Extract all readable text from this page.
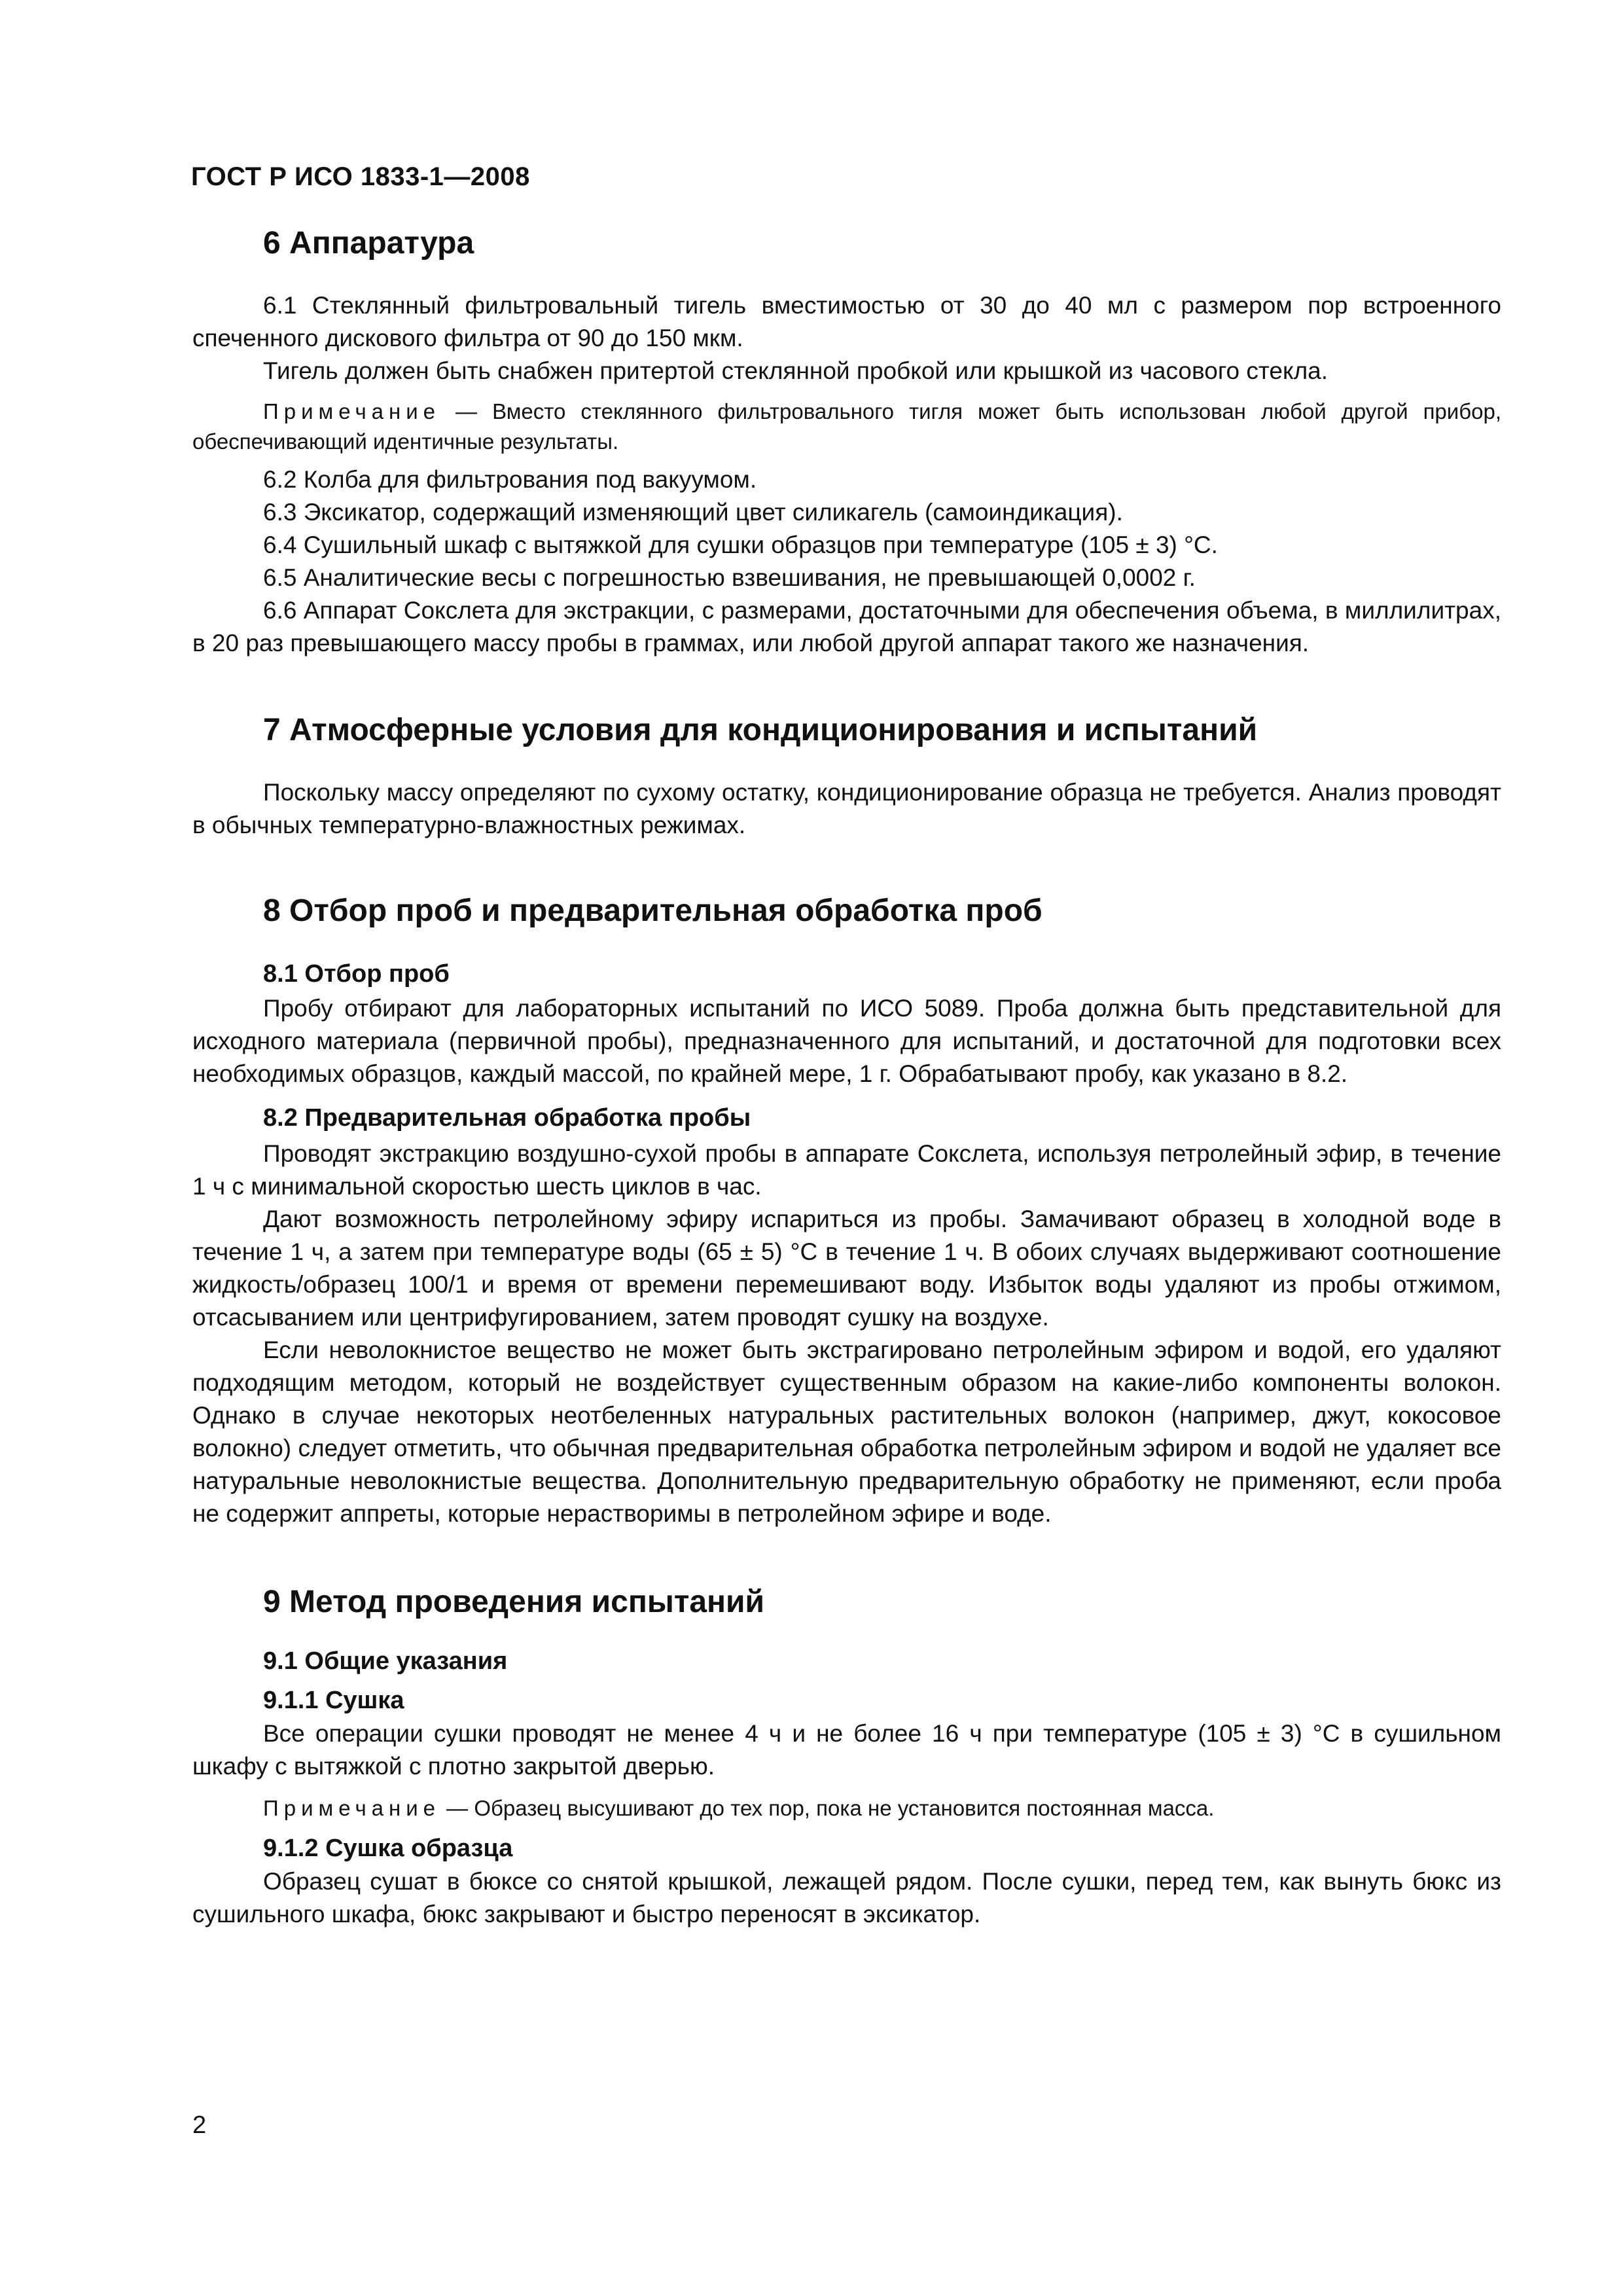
ГОСТ Р ИСО 1833-1—2008
6 Аппаратура

6.1 Стеклянный фильтровальный тигель вместимостью от 30 до 40 мл с размером пор встроенного спеченного дискового фильтра от 90 до 150 мкм.

Тигель должен быть снабжен притертой стеклянной пробкой или крышкой из часового стекла.

Примечание — Вместо стеклянного фильтровального тигля может быть использован любой другой прибор, обеспечивающий идентичные результаты.

6.2 Колба для фильтрования под вакуумом.

6.3 Эксикатор, содержащий изменяющий цвет силикагель (самоиндикация).

6.4 Сушильный шкаф с вытяжкой для сушки образцов при температуре (105 ± 3) °С.

6.5 Аналитические весы с погрешностью взвешивания, не превышающей 0,0002 г.

6.6 Аппарат Сокслета для экстракции, с размерами, достаточными для обеспечения объема, в миллилитрах, в 20 раз превышающего массу пробы в граммах, или любой другой аппарат такого же назначения.

7 Атмосферные условия для кондиционирования и испытаний

Поскольку массу определяют по сухому остатку, кондиционирование образца не требуется. Анализ проводят в обычных температурно-влажностных режимах.

8 Отбор проб и предварительная обработка проб
8.1 Отбор проб

Пробу отбирают для лабораторных испытаний по ИСО 5089. Проба должна быть представительной для исходного материала (первичной пробы), предназначенного для испытаний, и достаточной для подготовки всех необходимых образцов, каждый массой, по крайней мере, 1 г. Обрабатывают пробу, как указано в 8.2.

8.2 Предварительная обработка пробы

Проводят экстракцию воздушно-сухой пробы в аппарате Сокслета, используя петролейный эфир, в течение 1 ч с минимальной скоростью шесть циклов в час.

Дают возможность петролейному эфиру испариться из пробы. Замачивают образец в холодной воде в течение 1 ч, а затем при температуре воды (65 ± 5) °С в течение 1 ч. В обоих случаях выдерживают соотношение жидкость/образец 100/1 и время от времени перемешивают воду. Избыток воды удаляют из пробы отжимом, отсасыванием или центрифугированием, затем проводят сушку на воздухе.

Если неволокнистое вещество не может быть экстрагировано петролейным эфиром и водой, его удаляют подходящим методом, который не воздействует существенным образом на какие-либо компоненты волокон. Однако в случае некоторых неотбеленных натуральных растительных волокон (например, джут, кокосовое волокно) следует отметить, что обычная предварительная обработка петролейным эфиром и водой не удаляет все натуральные неволокнистые вещества. Дополнительную предварительную обработку не применяют, если проба не содержит аппреты, которые нерастворимы в петролейном эфире и воде.

9 Метод проведения испытаний
9.1 Общие указания
9.1.1 Сушка

Все операции сушки проводят не менее 4 ч и не более 16 ч при температуре (105 ± 3) °С в сушильном шкафу с вытяжкой с плотно закрытой дверью.

Примечание — Образец высушивают до тех пор, пока не установится постоянная масса.

9.1.2 Сушка образца

Образец сушат в бюксе со снятой крышкой, лежащей рядом. После сушки, перед тем, как вынуть бюкс из сушильного шкафа, бюкс закрывают и быстро переносят в эксикатор.

2
